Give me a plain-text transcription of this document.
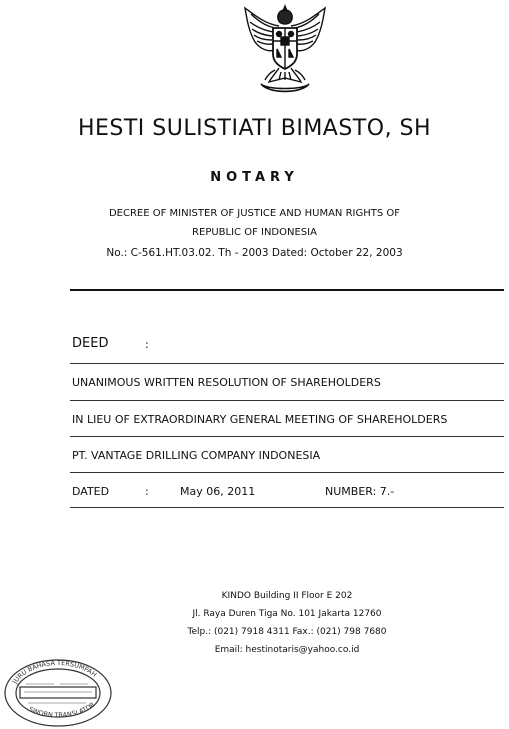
HESTI SULISTIATI BIMASTO, SH
NOTARY
DECREE OF MINISTER OF JUSTICE AND HUMAN RIGHTS OF
REPUBLIC OF INDONESIA
No.: C-561.HT.03.02. Th - 2003 Dated: October 22, 2003
DEED	:
UNANIMOUS WRITTEN RESOLUTION OF SHAREHOLDERS
IN LIEU OF EXTRAORDINARY GENERAL MEETING OF SHAREHOLDERS
PT. VANTAGE DRILLING COMPANY INDONESIA
DATED	:	May 06, 2011	NUMBER: 7.-
KINDO Building II Floor E 202
Jl. Raya Duren Tiga No. 101 Jakarta 12760
Telp.: (021) 7918 4311 Fax.: (021) 798 7680
Email: hestinotaris@yahoo.co.id
JURU BAHASA TERSUMPAH
SWORN TRANSLATOR
